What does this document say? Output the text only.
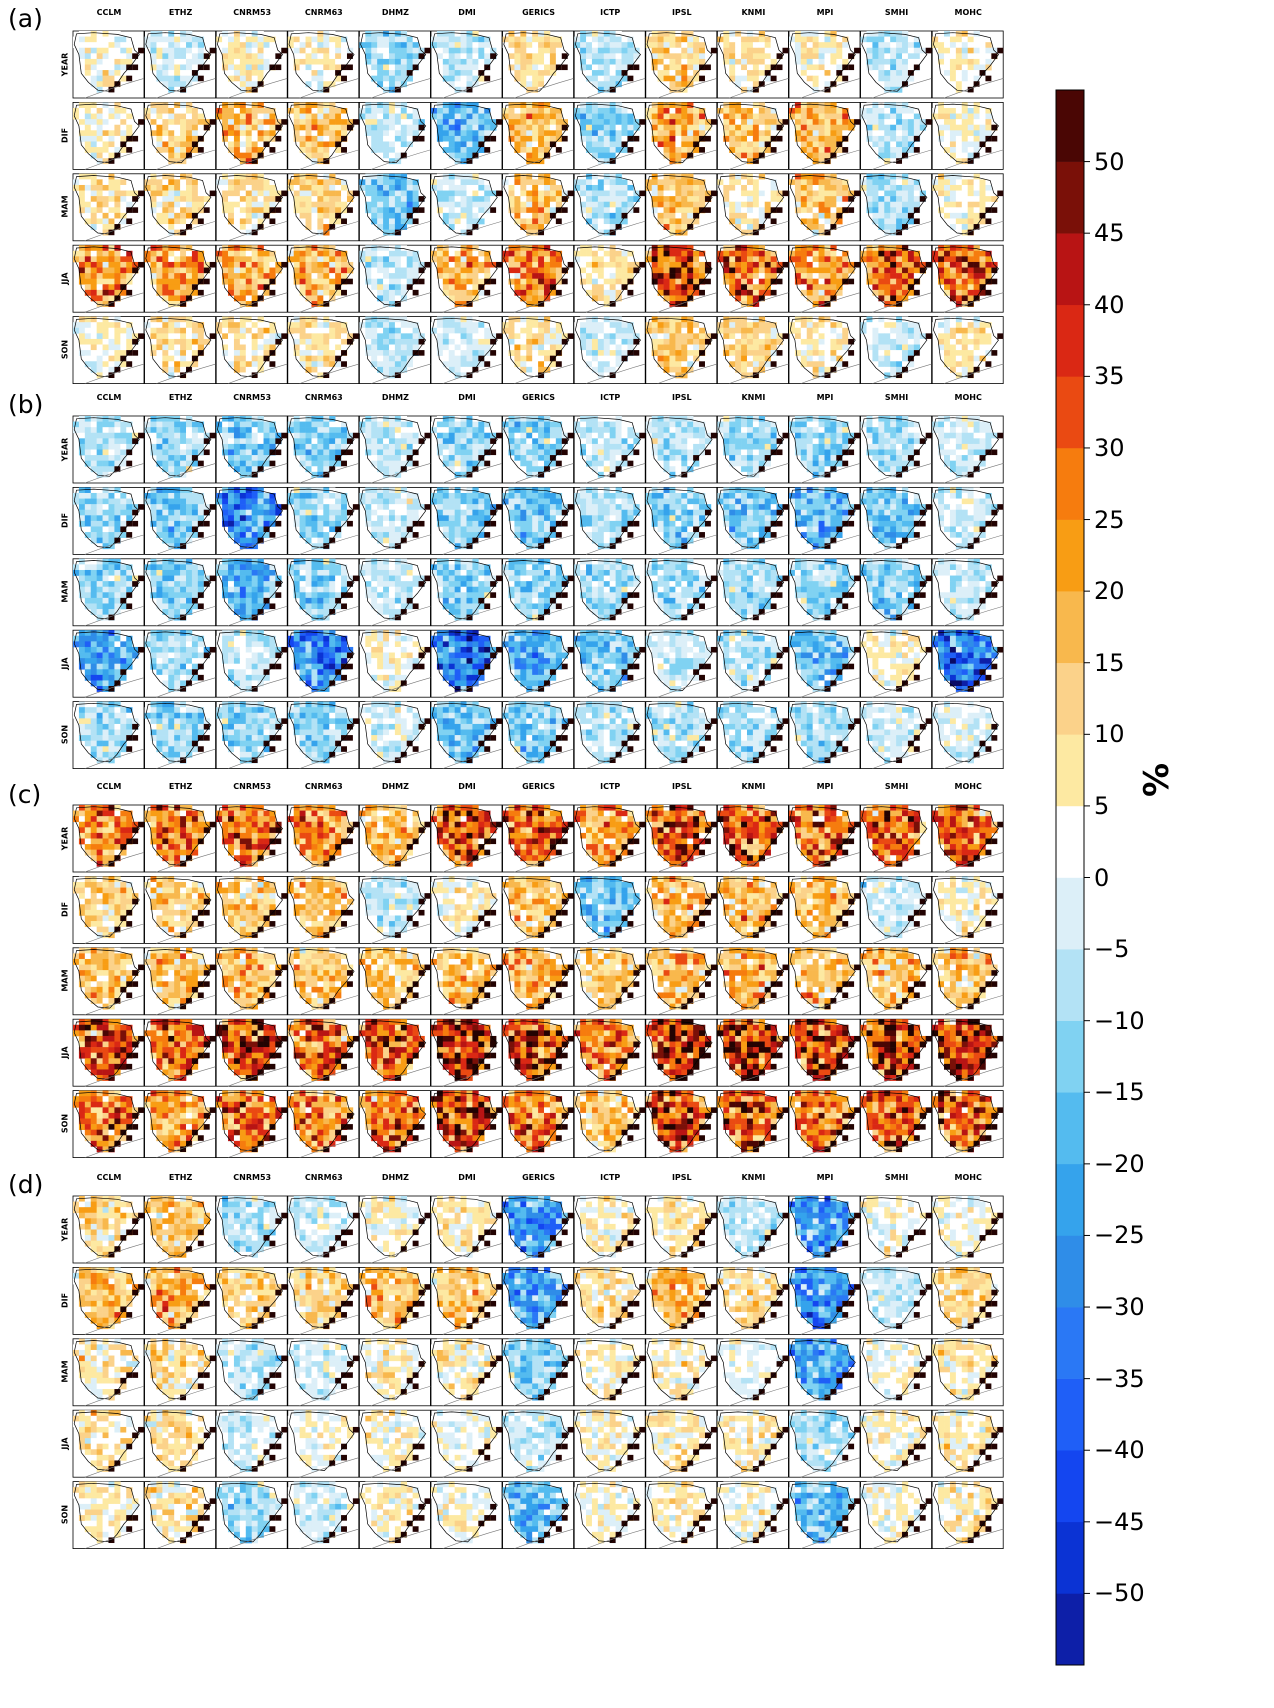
(a)	CCLM	ETHZ	CNRM53	CNRM63	DHMZ	DMI	GERICS	ICTP	IPSL	KNMI	MPI	SMHI	MOHC
YEAR
DIF
MAM
JJA
SON
(b)	CCLM	ETHZ	CNRM53	CNRM63	DHMZ	DMI	GERICS	ICTP	IPSL	KNMI	MPI	SMHI	MOHC
YEAR
DIF
MAM
JJA
SON
(c)	CCLM	ETHZ	CNRM53	CNRM63	DHMZ	DMI	GERICS	ICTP	IPSL	KNMI	MPI	SMHI	MOHC
YEAR
DIF
MAM
JJA
SON
(d)	CCLM	ETHZ	CNRM53	CNRM63	DHMZ	DMI	GERICS	ICTP	IPSL	KNMI	MPI	SMHI	MOHC
YEAR
DIF
MAM
JJA
SON
−50
−45
−40
−35
−30
−25
−20
−15
−10
−5
0
5
10
15
20
25
30
35
40
45
50
%
